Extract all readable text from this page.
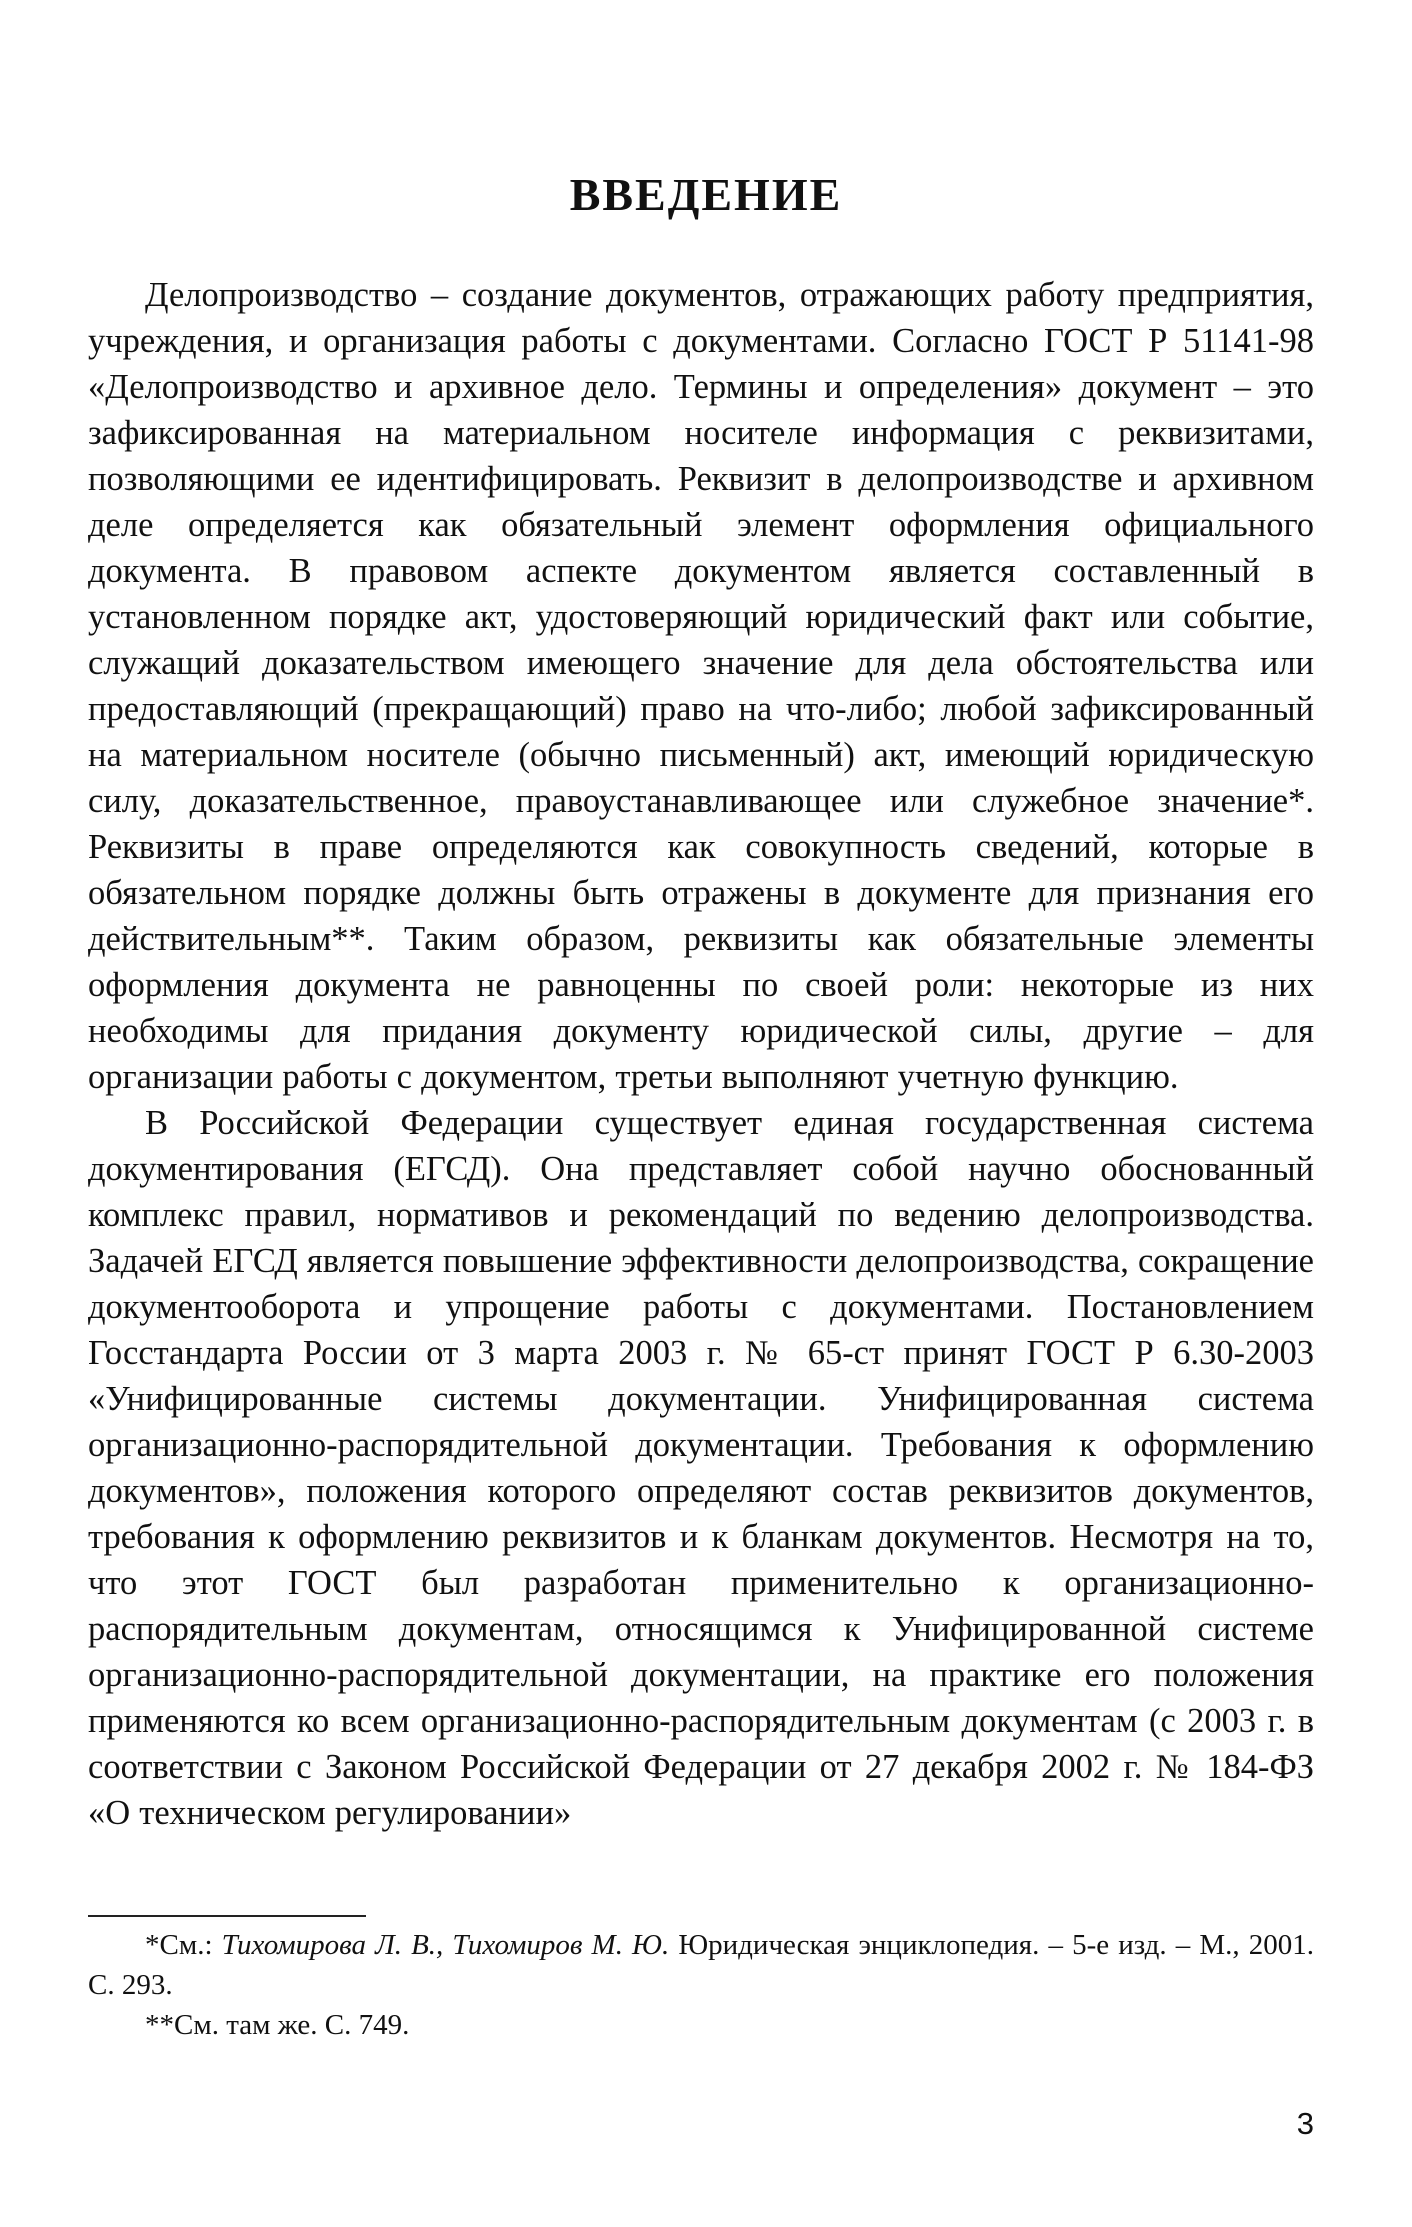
ВВЕДЕНИЕ

Делопроизводство – создание документов, отражающих работу предприятия, учреждения, и организация работы с документами. Согласно ГОСТ Р 51141-98 «Делопроизводство и архивное дело. Термины и определения» документ – это зафиксированная на материальном носителе информация с реквизитами, позволяющими ее идентифицировать. Реквизит в делопроизводстве и архивном деле определяется как обязательный элемент оформления официального документа. В правовом аспекте документом является составленный в установленном порядке акт, удостоверяющий юридический факт или событие, служащий доказательством имеющего значение для дела обстоятельства или предоставляющий (прекращающий) право на что-либо; любой зафиксированный на материальном носителе (обычно письменный) акт, имеющий юридическую силу, доказательственное, правоустанавливающее или служебное значение*. Реквизиты в праве определяются как совокупность сведений, которые в обязательном порядке должны быть отражены в документе для признания его действительным**. Таким образом, реквизиты как обязательные элементы оформления документа не равноценны по своей роли: некоторые из них необходимы для придания документу юридической силы, другие – для организации работы с документом, третьи выполняют учетную функцию.

В Российской Федерации существует единая государственная система документирования (ЕГСД). Она представляет собой научно обоснованный комплекс правил, нормативов и рекомендаций по ведению делопроизводства. Задачей ЕГСД является повышение эффективности делопроизводства, сокращение документооборота и упрощение работы с документами. Постановлением Госстандарта России от 3 марта 2003 г. № 65-ст принят ГОСТ Р 6.30-2003 «Унифицированные системы документации. Унифицированная система организационно-распорядительной документации. Требования к оформлению документов», положения которого определяют состав реквизитов документов, требования к оформлению реквизитов и к бланкам документов. Несмотря на то, что этот ГОСТ был разработан применительно к организационно-распорядительным документам, относящимся к Унифицированной системе организационно-распорядительной документации, на практике его положения применяются ко всем организационно-распорядительным документам (с 2003 г. в соответствии с Законом Российской Федерации от 27 декабря 2002 г. № 184-ФЗ «О техническом регулировании»

*См.: Тихомирова Л. В., Тихомиров М. Ю. Юридическая энциклопедия. – 5-е изд. – М., 2001. С. 293.

**См. там же. С. 749.

3
